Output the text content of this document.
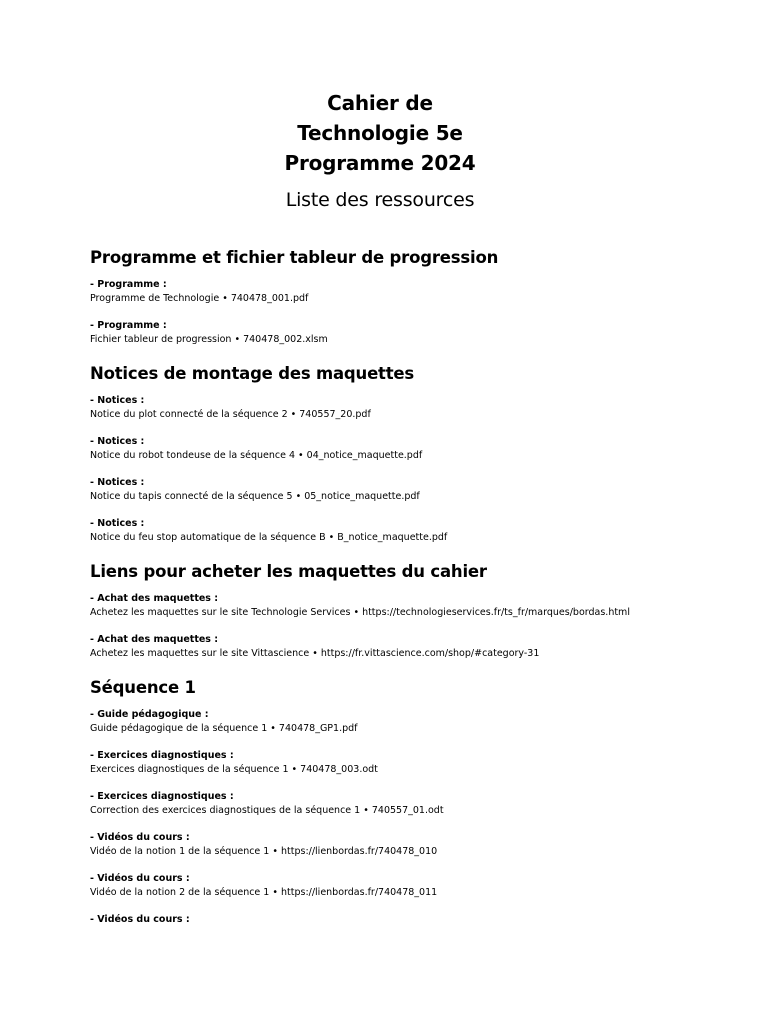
Cahier de
Technologie 5e
Programme 2024
Liste des ressources
Programme et fichier tableur de progression
- Programme :
Programme de Technologie • 740478_001.pdf
- Programme :
Fichier tableur de progression • 740478_002.xlsm
Notices de montage des maquettes
- Notices :
Notice du plot connecté de la séquence 2 • 740557_20.pdf
- Notices :
Notice du robot tondeuse de la séquence 4 • 04_notice_maquette.pdf
- Notices :
Notice du tapis connecté de la séquence 5 • 05_notice_maquette.pdf
- Notices :
Notice du feu stop automatique de la séquence B • B_notice_maquette.pdf
Liens pour acheter les maquettes du cahier
- Achat des maquettes :
Achetez les maquettes sur le site Technologie Services • https://technologieservices.fr/ts_fr/marques/bordas.html
- Achat des maquettes :
Achetez les maquettes sur le site Vittascience • https://fr.vittascience.com/shop/#category-31
Séquence 1
- Guide pédagogique :
Guide pédagogique de la séquence 1 • 740478_GP1.pdf
- Exercices diagnostiques :
Exercices diagnostiques de la séquence 1 • 740478_003.odt
- Exercices diagnostiques :
Correction des exercices diagnostiques de la séquence 1 • 740557_01.odt
- Vidéos du cours :
Vidéo de la notion 1 de la séquence 1 • https://lienbordas.fr/740478_010
- Vidéos du cours :
Vidéo de la notion 2 de la séquence 1 • https://lienbordas.fr/740478_011
- Vidéos du cours :
